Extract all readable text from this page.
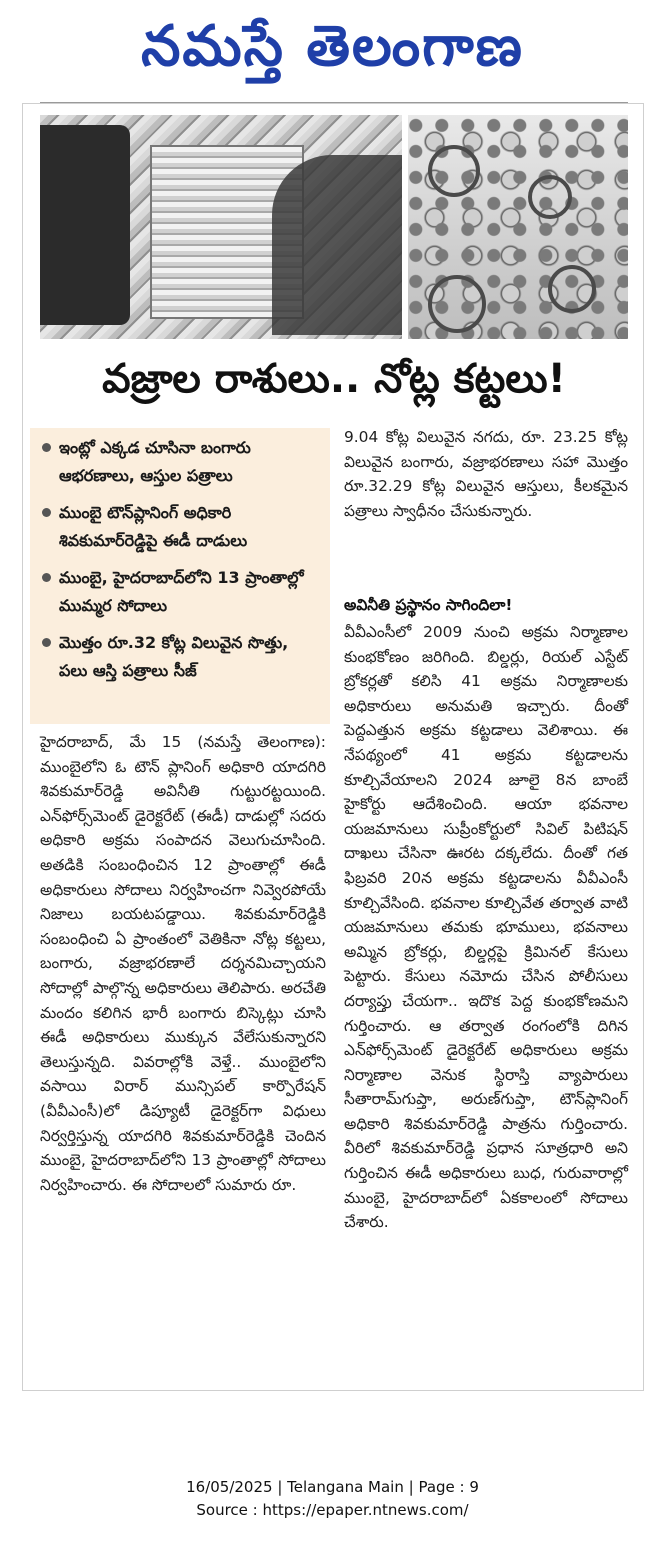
నమస్తే తెలంగాణ
వజ్రాల రాశులు.. నోట్ల కట్టలు!
ఇంట్లో ఎక్కడ చూసినా బంగారు ఆభరణాలు, ఆస్తుల పత్రాలు
ముంబై టౌన్‌ప్లానింగ్ అధికారి శివకుమార్‌రెడ్డిపై ఈడీ దాడులు
ముంబై, హైదరాబాద్‌లోని 13 ప్రాంతాల్లో ముమ్మర సోదాలు
మొత్తం రూ.32 కోట్ల విలువైన సొత్తు, పలు ఆస్తి పత్రాలు సీజ్

హైదరాబాద్, మే 15 (నమస్తే తెలంగాణ): ముంబైలోని ఓ టౌన్ ప్లానింగ్ అధికారి యాదగిరి శివకుమార్‌రెడ్డి అవినీతి గుట్టురట్టయింది. ఎన్‌ఫోర్స్‌మెంట్ డైరెక్టరేట్ (ఈడీ) దాడుల్లో సదరు అధికారి అక్రమ సంపాదన వెలుగుచూసింది. అతడికి సంబంధించిన 12 ప్రాంతాల్లో ఈడీ అధికారులు సోదాలు నిర్వహించగా నివ్వెరపోయే నిజాలు బయటపడ్డాయి. శివకుమార్‌రెడ్డికి సంబంధించి ఏ ప్రాంతంలో వెతికినా నోట్ల కట్టలు, బంగారు, వజ్రాభరణాలే దర్శనమిచ్చాయని సోదాల్లో పాల్గొన్న అధికారులు తెలిపారు. అరచేతి మందం కలిగిన భారీ బంగారు బిస్కెట్లు చూసి ఈడీ అధికారులు ముక్కున వేలేసుకున్నారని తెలుస్తున్నది. వివరాల్లోకి వెళ్తే.. ముంబైలోని వసాయి విరార్ మున్సిపల్ కార్పొరేషన్ (వీవీఎంసీ)లో డిప్యూటీ డైరెక్టర్‌గా విధులు నిర్వర్తిస్తున్న యాదగిరి శివకుమార్‌రెడ్డికి చెందిన ముంబై, హైదరాబాద్‌లోని 13 ప్రాంతాల్లో సోదాలు నిర్వహించారు. ఈ సోదాలలో సుమారు రూ.

9.04 కోట్ల విలువైన నగదు, రూ. 23.25 కోట్ల విలువైన బంగారు, వజ్రాభరణాలు సహా మొత్తం రూ.32.29 కోట్ల విలువైన ఆస్తులు, కీలకమైన పత్రాలు స్వాధీనం చేసుకున్నారు.

అవినీతి ప్రస్థానం సాగిందిలా!

వీవీఎంసీలో 2009 నుంచి అక్రమ నిర్మాణాల కుంభకోణం జరిగింది. బిల్డర్లు, రియల్ ఎస్టేట్ బ్రోకర్లతో కలిసి 41 అక్రమ నిర్మాణాలకు అధికారులు అనుమతి ఇచ్చారు. దీంతో పెద్దఎత్తున అక్రమ కట్టడాలు వెలిశాయి. ఈ నేపథ్యంలో 41 అక్రమ కట్టడాలను కూల్చివేయాలని 2024 జూలై 8న బాంబే హైకోర్టు ఆదేశించింది. ఆయా భవనాల యజమానులు సుప్రీంకోర్టులో సివిల్ పిటిషన్ దాఖలు చేసినా ఊరట దక్కలేదు. దీంతో గత ఫిబ్రవరి 20న అక్రమ కట్టడాలను వీవీఎంసీ కూల్చివేసింది. భవనాల కూల్చివేత తర్వాత వాటి యజమానులు తమకు భూములు, భవనాలు అమ్మిన బ్రోకర్లు, బిల్డర్లపై క్రిమినల్ కేసులు పెట్టారు. కేసులు నమోదు చేసిన పోలీసులు దర్యాప్తు చేయగా.. ఇదొక పెద్ద కుంభకోణమని గుర్తించారు. ఆ తర్వాత రంగంలోకి దిగిన ఎన్‌ఫోర్స్‌మెంట్ డైరెక్టరేట్ అధికారులు అక్రమ నిర్మాణాల వెనుక స్థిరాస్తి వ్యాపారులు సీతారామ్‌గుప్తా, అరుణ్‌గుప్తా, టౌన్‌ప్లానింగ్ అధికారి శివకుమార్‌రెడ్డి పాత్రను గుర్తించారు. వీరిలో శివకుమార్‌రెడ్డి ప్రధాన సూత్రధారి అని గుర్తించిన ఈడీ అధికారులు బుధ, గురువారాల్లో ముంబై, హైదరాబాద్‌లో ఏకకాలంలో సోదాలు చేశారు.

16/05/2025 | Telangana Main | Page : 9
Source : https://epaper.ntnews.com/
